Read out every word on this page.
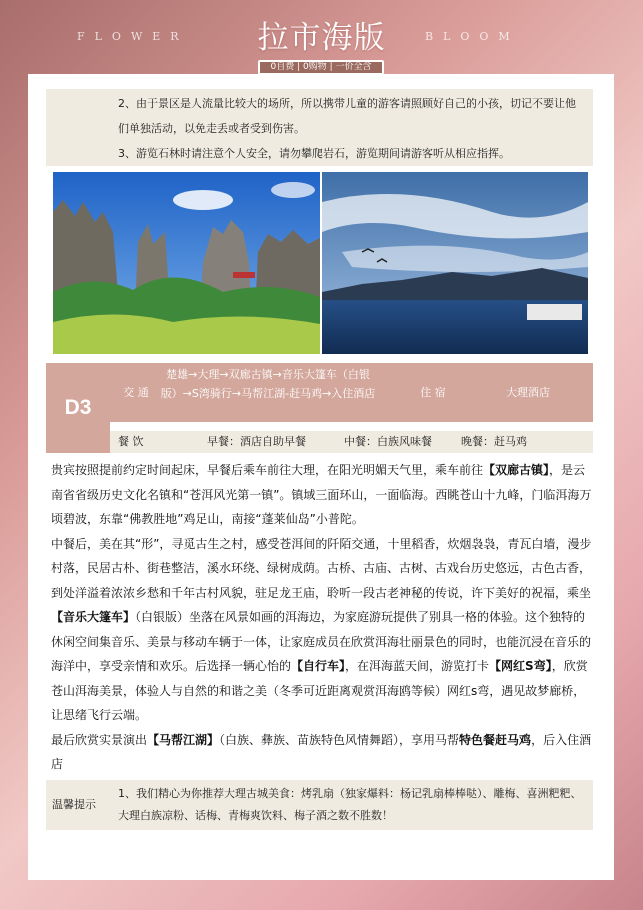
FLOWER	BLOOM
拉市海版
0自费 | 0购物 | 一价全含
2、由于景区是人流量比较大的场所，所以携带儿童的游客请照顾好自己的小孩，切记不要让他们单独活动，以免走丢或者受到伤害。
3、游览石林时请注意个人安全，请勿攀爬岩石，游览期间请游客听从相应指挥。
D3
交 通
楚雄→大理→双廊古镇→音乐大篷车（白银版）→S湾骑行→马帮江湖-赶马鸡→入住酒店	住 宿	大理酒店
餐 饮	早餐：酒店自助早餐	中餐：白族风味餐	晚餐：赶马鸡

贵宾按照提前约定时间起床，早餐后乘车前往大理，在阳光明媚天气里，乘车前往【双廊古镇】，是云南省省级历史文化名镇和“苍洱风光第一镇”。镇域三面环山，一面临海。西眺苍山十九峰，门临洱海万顷碧波，东靠“佛教胜地”鸡足山，南接“蓬莱仙岛”小普陀。

中餐后，美在其“形”，寻觅古生之村，感受苍洱间的阡陌交通，十里稻香，炊烟袅袅，青瓦白墙，漫步村落，民居古朴、街巷整洁，溪水环绕、绿树成荫。古桥、古庙、古树、古戏台历史悠远，古色古香，到处洋溢着浓浓乡愁和千年古村风貌，驻足龙王庙，聆听一段古老神秘的传说，许下美好的祝福，乘坐【音乐大篷车】（白银版）坐落在风景如画的洱海边，为家庭游玩提供了别具一格的体验。这个独特的休闲空间集音乐、美景与移动车辆于一体，让家庭成员在欣赏洱海壮丽景色的同时，也能沉浸在音乐的海洋中，享受亲情和欢乐。后选择一辆心怡的【自行车】，在洱海蓝天间，游览打卡【网红S弯】，欣赏苍山洱海美景，体验人与自然的和谐之美（冬季可近距离观赏洱海鸥等候）网红s弯，遇见故梦廊桥，让思绪飞行云端。

最后欣赏实景演出【马帮江湖】（白族、彝族、苗族特色风情舞蹈），享用马帮特色餐赶马鸡，后入住酒店

温馨提示
1、我们精心为你推荐大理古城美食：烤乳扇（独家爆料：杨记乳扇棒棒哒）、雕梅、喜洲粑粑、大理白族凉粉、话梅、青梅爽饮料、梅子酒之数不胜数！
